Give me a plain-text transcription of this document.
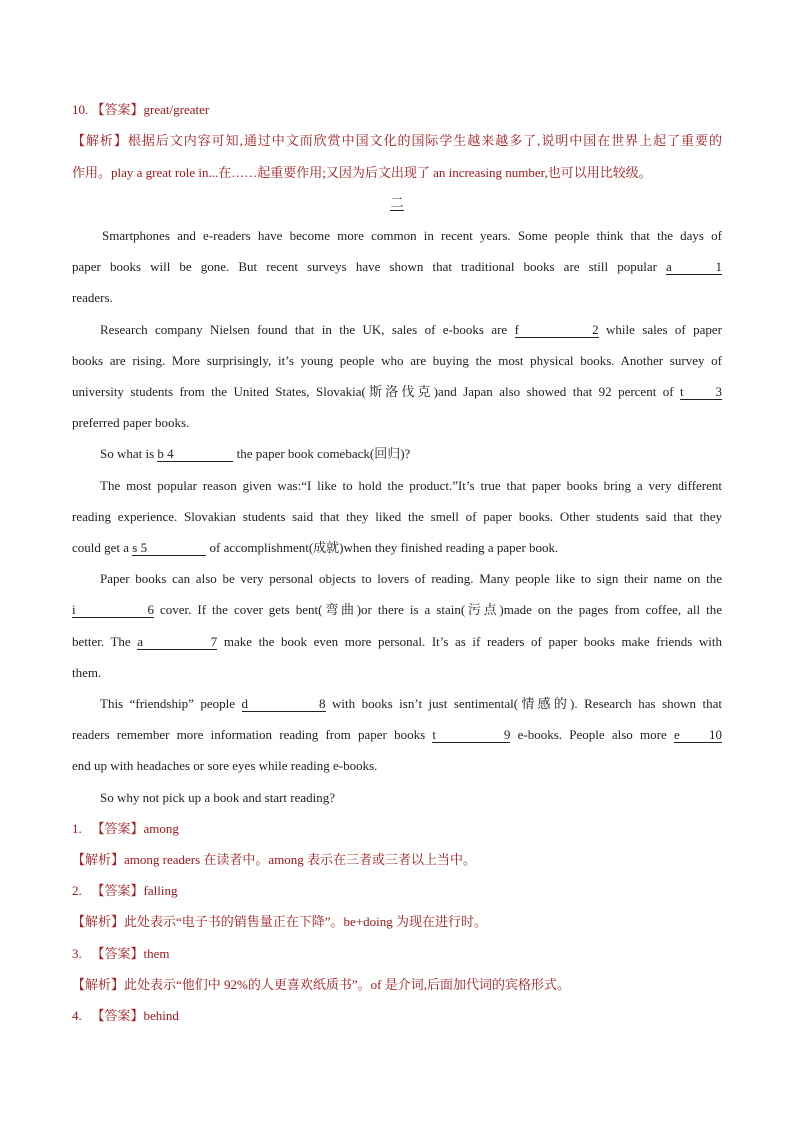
10. 【答案】great/greater
【解析】根据后文内容可知,通过中文而欣赏中国文化的国际学生越来越多了,说明中国在世界上起了重要的
作用。play a great role in...在……起重要作用;又因为后文出现了 an increasing number,也可以用比较级。
二
Smartphones and e-readers have become more common in recent years. Some people think that the days of
paper books will be gone. But recent surveys have shown that traditional books are still popular a 1
readers.
Research company Nielsen found that in the UK, sales of e-books are f 2 while sales of paper
books are rising. More surprisingly, it’s young people who are buying the most physical books. Another survey of
university students from the United States, Slovakia(斯洛伐克)and Japan also showed that 92 percent of t 3
preferred paper books.
So what is b 4	the paper book comeback(回归)?
The most popular reason given was:“I like to hold the product.”It’s true that paper books bring a very different
reading experience. Slovakian students said that they liked the smell of paper books. Other students said that they
could get a s 5	of accomplishment(成就)when they finished reading a paper book.
Paper books can also be very personal objects to lovers of reading. Many people like to sign their name on the
i 6 cover. If the cover gets bent(弯曲)or there is a stain(污点)made on the pages from coffee, all the
better. The a 7 make the book even more personal. It’s as if readers of paper books make friends with
them.
This “friendship” people d 8 with books isn’t just sentimental(情感的). Research has shown that
readers remember more information reading from paper books t 9 e-books. People also more e 10
end up with headaches or sore eyes while reading e-books.
So why not pick up a book and start reading?
1. 【答案】among
【解析】among readers 在读者中。among 表示在三者或三者以上当中。
2. 【答案】falling
【解析】此处表示“电子书的销售量正在下降”。be+doing 为现在进行时。
3. 【答案】them
【解析】此处表示“他们中 92%的人更喜欢纸质书”。of 是介词,后面加代词的宾格形式。
4. 【答案】behind
